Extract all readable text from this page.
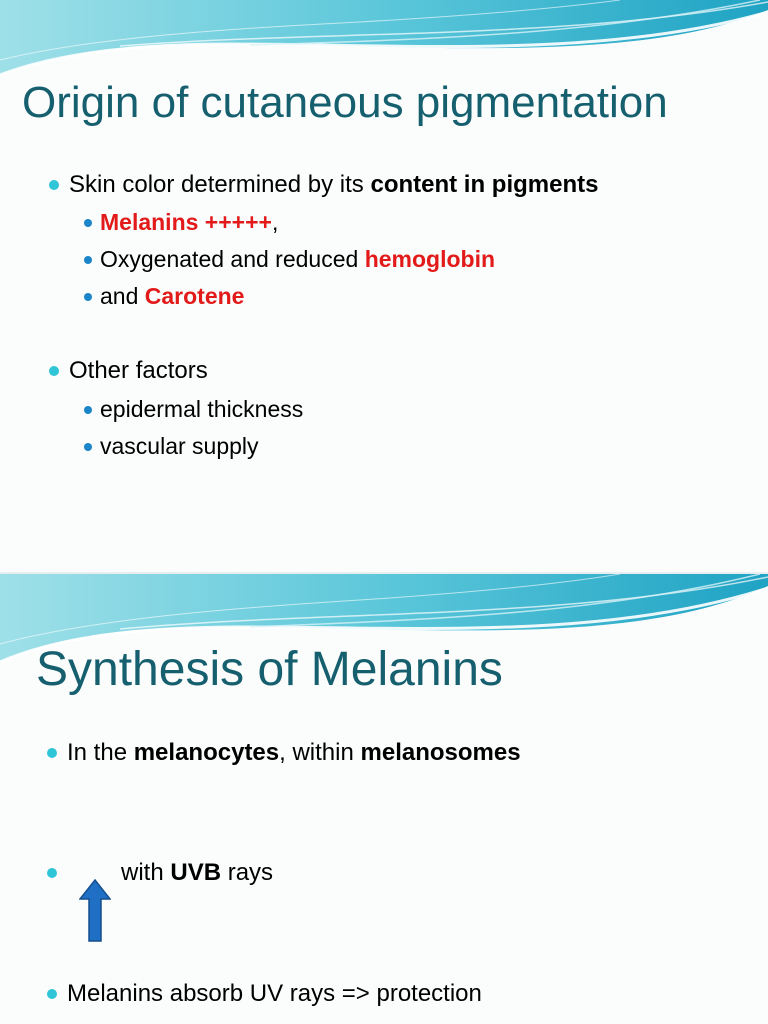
Origin of cutaneous pigmentation
Skin color determined by its content in pigments
Melanins +++++,
Oxygenated and reduced hemoglobin
and Carotene
Other factors
epidermal thickness
vascular supply
Synthesis of Melanins
In the melanocytes, within melanosomes
with UVB rays
Melanins absorb UV rays => protection
